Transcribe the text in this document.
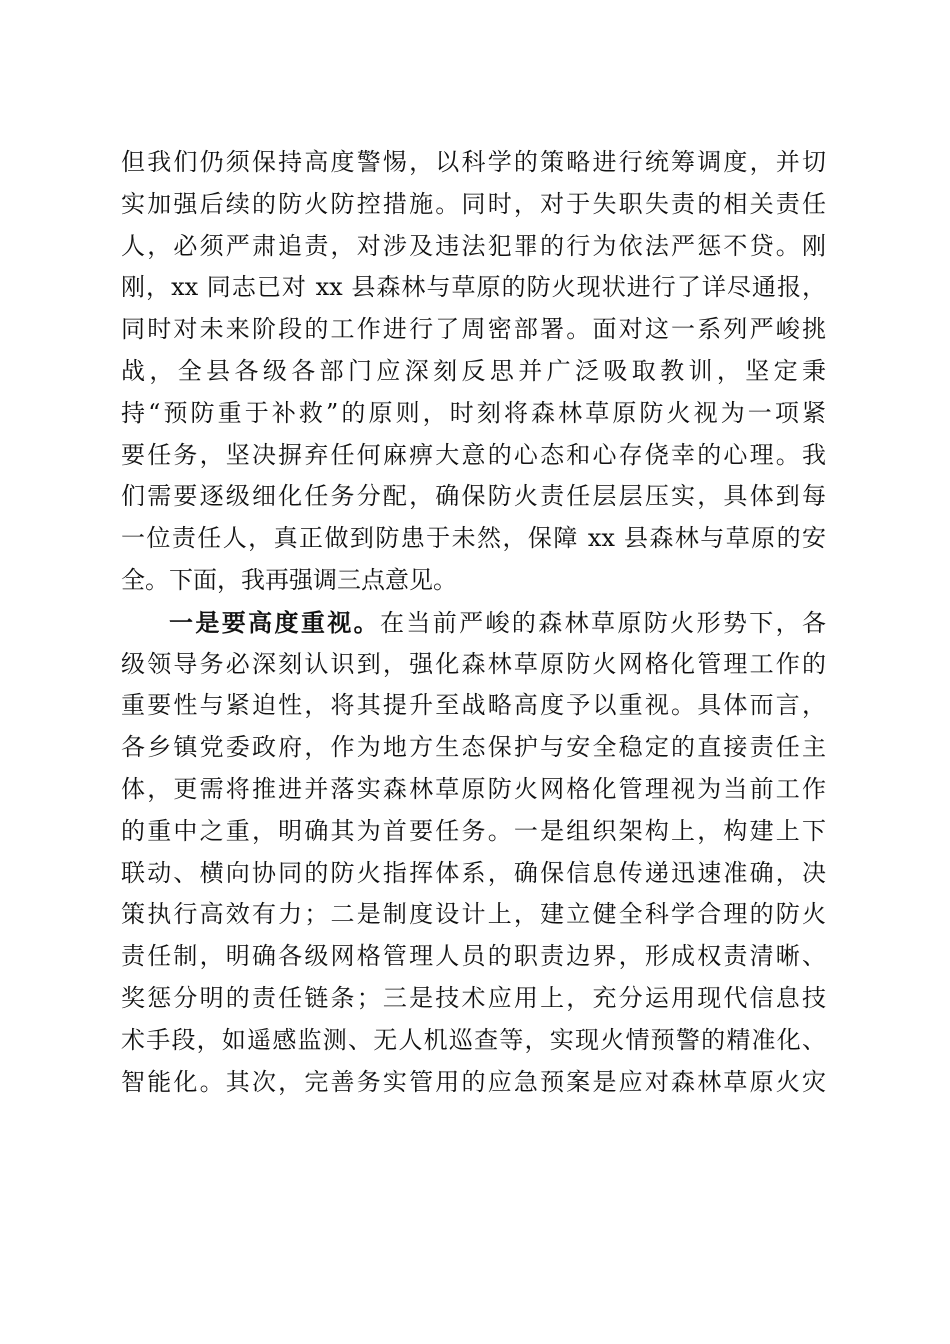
但我们仍须保持高度警惕，以科学的策略进行统筹调度，并切
实加强后续的防火防控措施。同时，对于失职失责的相关责任
人，必须严肃追责，对涉及违法犯罪的行为依法严惩不贷。刚
刚，xx 同志已对 xx 县森林与草原的防火现状进行了详尽通报，
同时对未来阶段的工作进行了周密部署。面对这一系列严峻挑
战，全县各级各部门应深刻反思并广泛吸取教训，坚定秉
持“预防重于补救”的原则，时刻将森林草原防火视为一项紧
要任务，坚决摒弃任何麻痹大意的心态和心存侥幸的心理。我
们需要逐级细化任务分配，确保防火责任层层压实，具体到每
一位责任人，真正做到防患于未然，保障 xx 县森林与草原的安
全。下面，我再强调三点意见。
一是要高度重视。在当前严峻的森林草原防火形势下，各
级领导务必深刻认识到，强化森林草原防火网格化管理工作的
重要性与紧迫性，将其提升至战略高度予以重视。具体而言，
各乡镇党委政府，作为地方生态保护与安全稳定的直接责任主
体，更需将推进并落实森林草原防火网格化管理视为当前工作
的重中之重，明确其为首要任务。一是组织架构上，构建上下
联动、横向协同的防火指挥体系，确保信息传递迅速准确，决
策执行高效有力；二是制度设计上，建立健全科学合理的防火
责任制，明确各级网格管理人员的职责边界，形成权责清晰、
奖惩分明的责任链条；三是技术应用上，充分运用现代信息技
术手段，如遥感监测、无人机巡查等，实现火情预警的精准化、
智能化。其次，完善务实管用的应急预案是应对森林草原火灾
